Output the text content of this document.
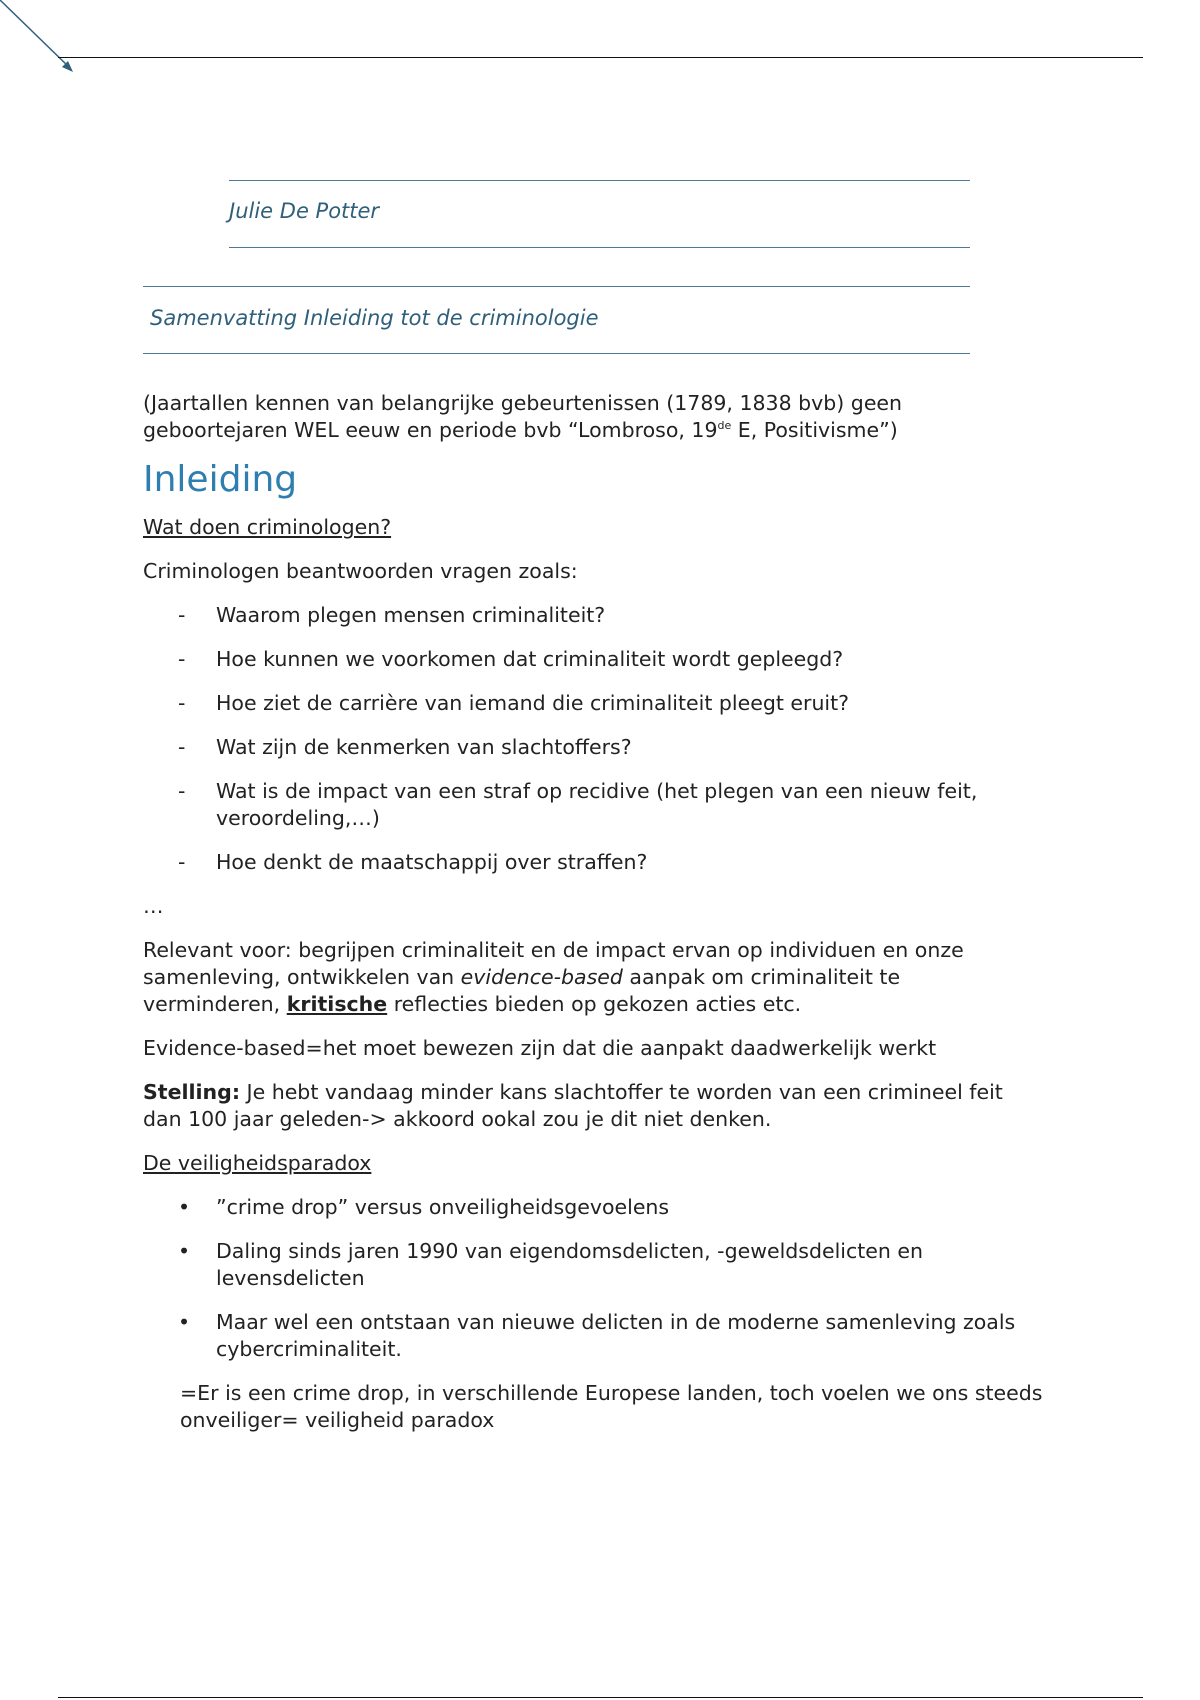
Julie De Potter

Samenvatting Inleiding tot de criminologie

(Jaartallen kennen van belangrijke gebeurtenissen (1789, 1838 bvb) geen geboortejaren WEL eeuw en periode bvb “Lombroso, 19de E, Positivisme”)

Inleiding

Wat doen criminologen?

Criminologen beantwoorden vragen zoals:

-	Waarom plegen mensen criminaliteit?
-	Hoe kunnen we voorkomen dat criminaliteit wordt gepleegd?
-	Hoe ziet de carrière van iemand die criminaliteit pleegt eruit?
-	Wat zijn de kenmerken van slachtoffers?
-	Wat is de impact van een straf op recidive (het plegen van een nieuw feit, veroordeling,…)
-	Hoe denkt de maatschappij over straffen?

…

Relevant voor: begrijpen criminaliteit en de impact ervan op individuen en onze samenleving, ontwikkelen van evidence-based aanpak om criminaliteit te verminderen, kritische reflecties bieden op gekozen acties etc.

Evidence-based=het moet bewezen zijn dat die aanpakt daadwerkelijk werkt

Stelling: Je hebt vandaag minder kans slachtoffer te worden van een crimineel feit dan 100 jaar geleden-> akkoord ookal zou je dit niet denken.

De veiligheidsparadox

•	”crime drop” versus onveiligheidsgevoelens
•	Daling sinds jaren 1990 van eigendomsdelicten, -geweldsdelicten en levensdelicten
•	Maar wel een ontstaan van nieuwe delicten in de moderne samenleving zoals cybercriminaliteit.

=Er is een crime drop, in verschillende Europese landen, toch voelen we ons steeds onveiliger= veiligheid paradox
